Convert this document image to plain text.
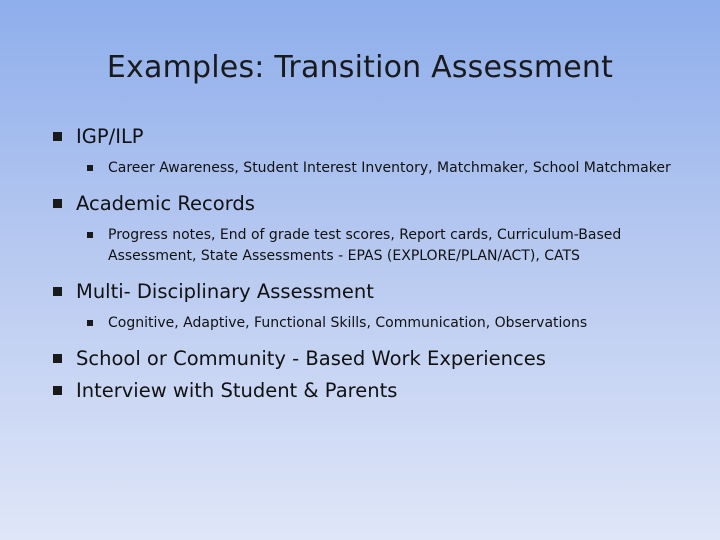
Examples: Transition Assessment
IGP/ILP
Career Awareness, Student Interest Inventory, Matchmaker, School Matchmaker
Academic Records
Progress notes, End of grade test scores, Report cards, Curriculum-Based Assessment, State Assessments - EPAS (EXPLORE/PLAN/ACT), CATS
Multi- Disciplinary Assessment
Cognitive, Adaptive, Functional Skills, Communication, Observations
School or Community - Based Work Experiences
Interview with Student & Parents
